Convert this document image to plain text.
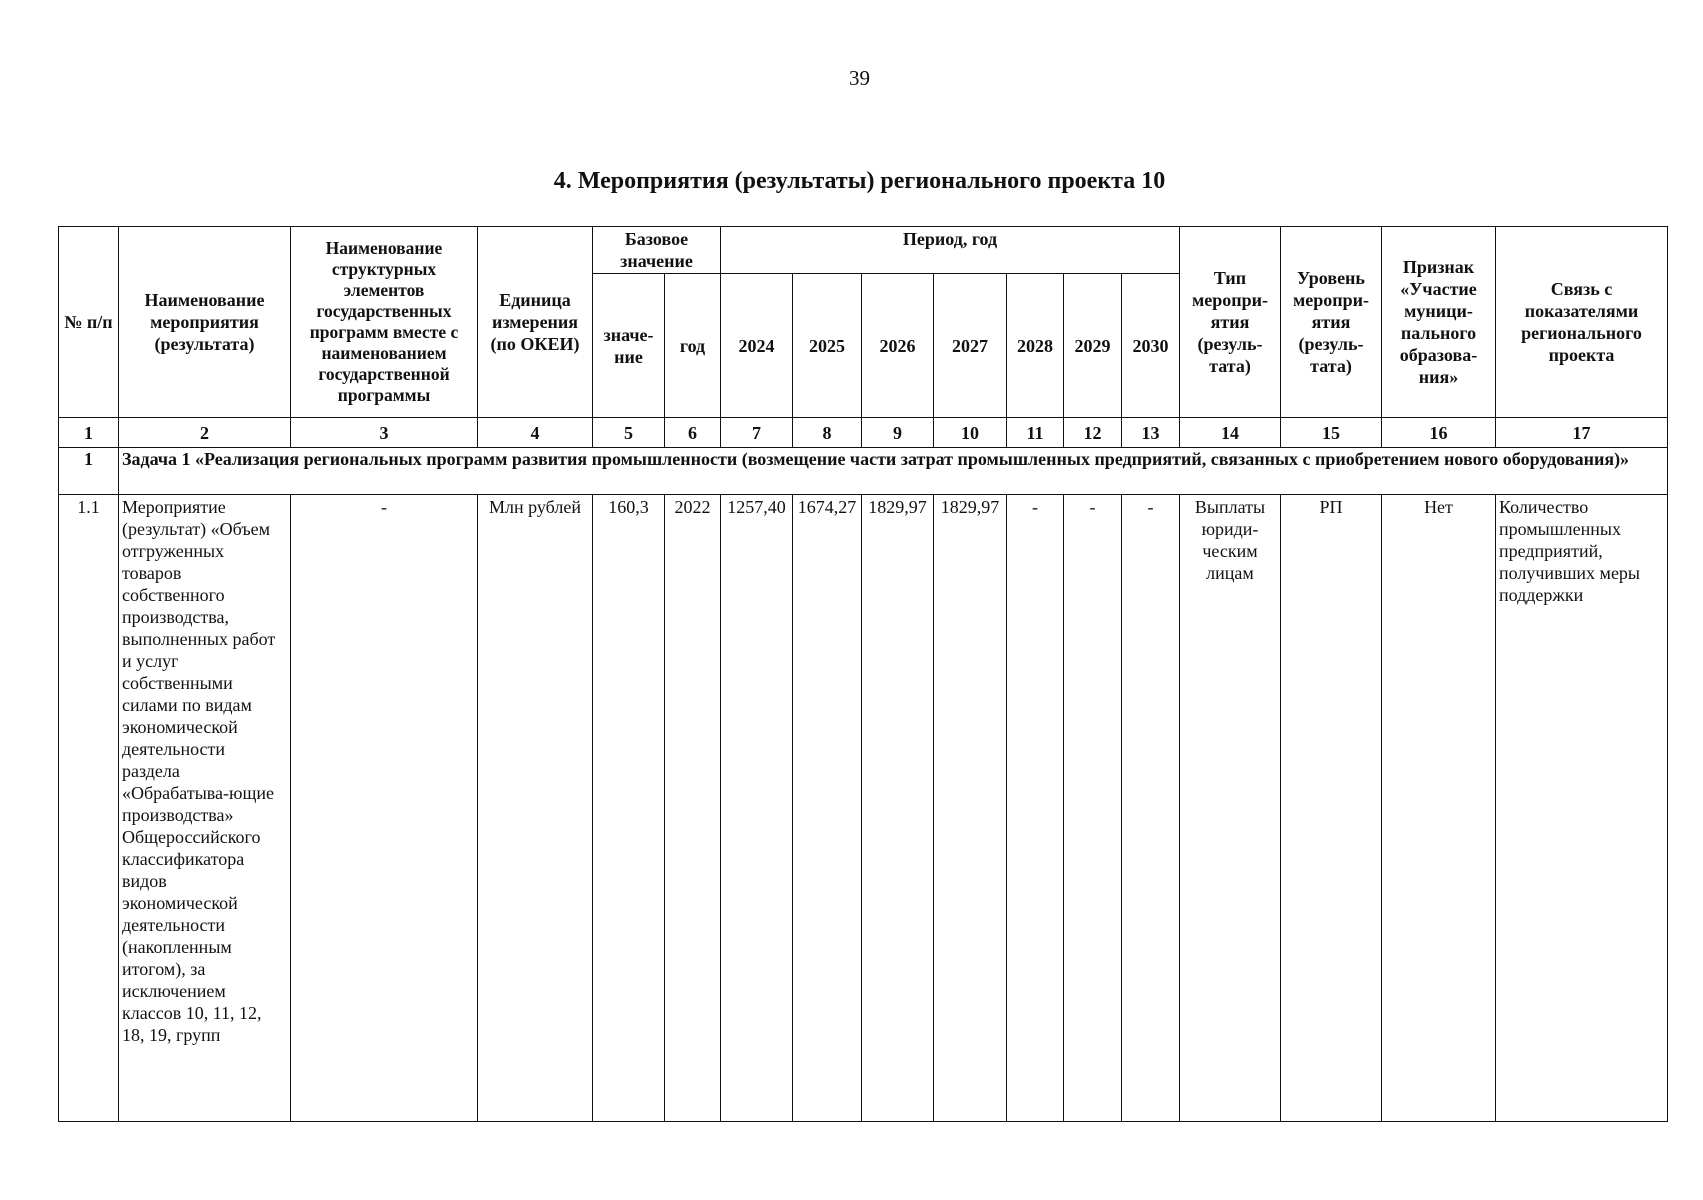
39
4. Мероприятия (результаты) регионального проекта 10
№ п/п	Наименование мероприятия (результата)	Наименование структурных элементов государственных программ вместе с наименованием государственной программы	Единица измерения (по ОКЕИ)	Базовое значение		Период, год							Тип меропри-ятия (резуль-тата)	Уровень меропри-ятия (резуль-тата)	Признак «Участие муници-пального образова-ния»	Связь с показателями регионального проекта
				значе-ние	год	2024	2025	2026	2027	2028	2029	2030				
1	2	3	4	5	6	7	8	9	10	11	12	13	14	15	16	17
1	Задача 1 «Реализация региональных программ развития промышленности (возмещение части затрат промышленных предприятий, связанных с приобретением нового оборудования)»															
1.1	Мероприятие (результат) «Объем отгруженных товаров собственного производства, выполненных работ и услуг собственными силами по видам экономической деятельности раздела «Обрабатыва-ющие производства» Общероссийского классификатора видов экономической деятельности (накопленным итогом), за исключением классов 10, 11, 12, 18, 19, групп	-	Млн рублей	160,3	2022	1257,40	1674,27	1829,97	1829,97	-	-	-	Выплаты юриди-ческим лицам	РП	Нет	Количество промышленных предприятий, получивших меры поддержки
